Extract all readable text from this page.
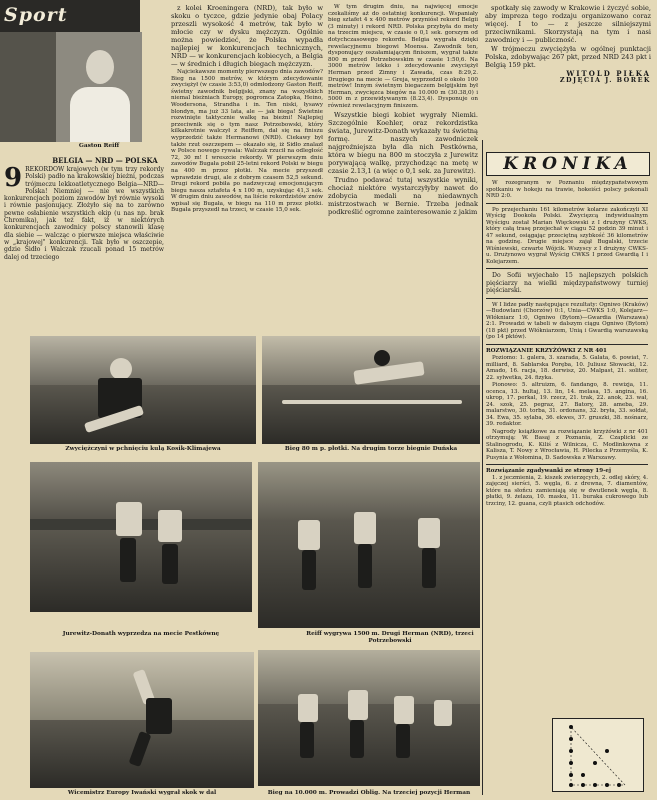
Sport
Gaston Reiff
BELGIA — NRD — POLSKA
9 REKORDÓW krajowych (w tym trzy rekordy Polski) padło na krakowskiej bieżni, podczas trójmeczu lekkoatletycznego Belgia—NRD—Polska! Niemniej — nie we wszystkich konkurencjach poziom zawodów był równie wysoki i równie pasjonujący. Złożyło się na to zarówno pewne osłabienie wszystkich ekip (u nas np. brak Chromika), jak też fakt, iż w niektórych konkurencjach zawodnicy polscy stanowili klasę dla siebie — walcząc o pierwsze miejsca właściwie w „krajowej" konkurencji. Tak było w oszczepie, gdzie Sidło i Walczak rzucali ponad 15 metrów dalej od trzeciego

z kolei Kroeningera (NRD), tak było w skoku o tyczce, gdzie jedynie obaj Polacy przeszli wysokość 4 metrów, tak było w młocie czy w dysku mężczyzn. Ogólnie można powiedzieć, że Polska wypadła najlepiej w konkurencjach technicznych, NRD — w konkurencjach kobiecych, a Belgia — w średnich i długich biegach mężczyzn.

Najciekawsze momenty pierwszego dnia zawodów? Bieg na 1500 metrów, w którym zdecydowanie zwyciężył (w czasie 3:53,0) odmłodzony Gaston Reiff, świetny zawodnik belgijski, znany na wszystkich niemal bieżniach Europy, pogromca Zatopka, Heino, Woodersona, Strandha i in. Ten niski, łysawy blondyn, ma już 33 lata, ale — jak biega! Świetnie rozwinięte taktycznie walkę na bieżni! Najlepiej przeciwnik się o tym nasz Potrzebowski, który kilkakrotnie walczył z Reiffem, dał się na finiszu wyprzedzić także Hermanowi (NRD). Ciekawy był także rzut oszczepem — okazało się, iż Sidło znalazł w Polsce nowego rywala: Walczak rzucił na odległość 72, 30 m! I wreszcie rekordy. W pierwszym dniu zawodów Bugała pobił 25-letni rekord Polski w biegu na 400 m przez płotki. Na mecie przyszedł wprawdzie drugi, ale z dobrym czasem 52,5 sekund. Drugi rekord pobiła po nadzwyczaj emocjonującym biegu nasza sztafeta 4 x 100 m, uzyskując 41,3 sek. W drugim dniu zawodów, na liście rekordzistów znów wpisał się Bugała, w biegu na 110 m przez płotki. Bugała przyszedł na trzeci, w czasie 15,0 sek.

W tym drugim dniu, na najwięcej emocje czekaliśmy aż do ostatniej konkurencji. Wspaniały bieg sztafet 4 x 400 metrów przyniósł rekord Belgii (3 minuty) i rekord NRD. Polska przybyła do mety na trzecim miejscu, w czasie o 0,1 sek. gorszym od dotychczasowego rekordu. Belgia wygrała dzięki rewelacyjnemu biegowi Moensa. Zawodnik ten, dysponujący oszałamiającym finiszem, wygrał także 800 m przed Potrzebowskim w czasie 1:50,6. Na 3000 metrów lekko i zdecydowanie zwyciężył Herman przed Zimny i Zawada, czas 8:29,2. Drugiego na mecie — Greja, wyprzedził o około 100 metrów! Innym świetnym biegaczem belgijskim był Herman, zwycięzca biegów na 10.000 m (30.38,0) i 5000 m z przewidywanym (8.23,4). Dysponuje on również rewelacyjnym finiszem.

Wszystkie biegi kobiet wygrały Niemki. Szczególnie Koehler, oraz rekordzistka świata, Jurewitz-Donath wykazały tu świetną formę. Z naszych zawodniczek najgroźniejsza była dla nich Pestkówna, która w biegu na 800 m stoczyła z Jurewitz porywającą walkę, przychodząc na metę w czasie 2.13,1 (a więc o 0,1 sek. za Jurewitz).

Trudno podawać tutaj wszystkie wyniki, chociaż niektóre wystarczyłyby nawet do zdobycia medali na niedawnych mistrzostwach w Bernie. Trzeba jednak podkreślić ogromne zainteresowanie z jakim

spotkały się zawody w Krakowie i życzyć sobie, aby impreza tego rodzaju organizowano coraz więcej. I to — z jeszcze silniejszymi przeciwnikami. Skorzystają na tym i nasi zawodnicy i — publiczność.

W trójmeczu zwyciężyła w ogólnej punktacji Polska, zdobywając 267 pkt, przed NRD 243 pkt i Belgią 159 pkt.

WITOLD PIŁKA
ZDJĘCIA J. BOREK
KRONIKA

W rozegranym w Poznaniu międzypaństwowym spotkaniu w hokeju na trawie, hokeiści polscy pokonali NRD 2:0.

Po przejechaniu 161 kilometrów kolarze zakończyli XI Wyścig Dookoła Polski. Zwycięzcą indywidualnym Wyścigu został Marian Więckowski z I drużyny CWKS, który całą trasę przejechał w ciągu 52 godzin 39 minut i 47 sekund, osiągając przeciętną szybkość 36 kilometrów na godzinę. Drugie miejsce zajął Bugalski, trzecie Wiśniewski, czwarte Wójcik. Wszyscy z I drużyny CWKS-u. Drużynowo wygrał Wyścig CWKS I przed Gwardią I i Kolejarzem.

Do Sofii wyjechało 15 najlepszych polskich pięściarzy na wielki międzypaństwowy turniej pięściarski.

W I lidze padły następujące rezultaty: Ogniwo (Kraków)—Budowlani (Chorzów) 0:1, Unia—CWKS 1:0, Kolejarz—Włókniarz 1:0, Ogniwo (Bytom)—Gwardia (Warszawa) 2:1. Prowadzi w tabeli w dalszym ciągu Ogniwo (Bytom) (18 pkt) przed Włókniarzem, Unią i Gwardią warszawską (po 14 pktów).

ROZWIĄZANIE KRZYŻÓWKI Z NR 401

Poziomo: 1. galera, 3. szarada, 5. Galata, 6. powiat, 7. milliard, 8. Sablarska Poręba, 10. Juliusz Słowacki, 12. Amado, 16. racja, 18. derwisz, 20. Malpast, 21. soliter, 22. sylwetka, 24. fizyka.

Pionowo: 5. altruizm, 6. fandango, 8. rewizja, 11. ocenca, 13. hultaj, 13. lin, 14. melasa, 15. angina, 16. ukrop, 17. perkal, 19. rzecz, 21. trak, 22. anok, 23. wał, 24. szok, 25. pegraz, 27. Batory, 28. ameba, 29. malarstwo, 30. torba, 31. ordonans, 32. bryła, 33. sołdat, 34. Ewa, 35. sylaba, 36. ekwes, 37. gruszki, 38. nośnarz, 39. redaktor.

Nagrody książkowe za rozwiązanie krzyżówki z nr 401 otrzymują: W. Basaj z Poznania, Z. Czaplicki ze Stalinogrodu, K. Kiliś z Wilnicza, C. Modlinkowna z Kalisza, T. Nowy z Wrocławia, H. Pilecka z Przemyśla, K. Pusynia z Wołomina, D. Sadowska z Warszawy.

Rozwiązanie zgadywanki ze strony 19-ej

1. z jeczmienia, 2. kiszek zwierzęcych, 2. odlej skóry, 4. zajęczej sierści, 5. węgla, 6. z drewna, 7. diamentów, które na słońcu zamieniają się w dwutlenek węgla, 8. płatki, 9. żelaza, 10. masku, 11. buraka cukrowego lub trzciny, 12. guana, czyli ptasich odchodów.

Zwyciężczyni w pchnięciu kulą Kosik-Klimajewa	Bieg 80 m p. płotki. Na drugim torze biegnie Duńska
Jurewitz-Donath wyprzedza na mecie Pestkównę	Reiff wygrywa 1500 m. Drugi Herman (NRD), trzeci Potrzebowski
Wicemistrz Europy Iwański wygrał skok w dal	Bieg na 10.000 m. Prowadzi Oblig. Na trzeciej pozycji Herman
